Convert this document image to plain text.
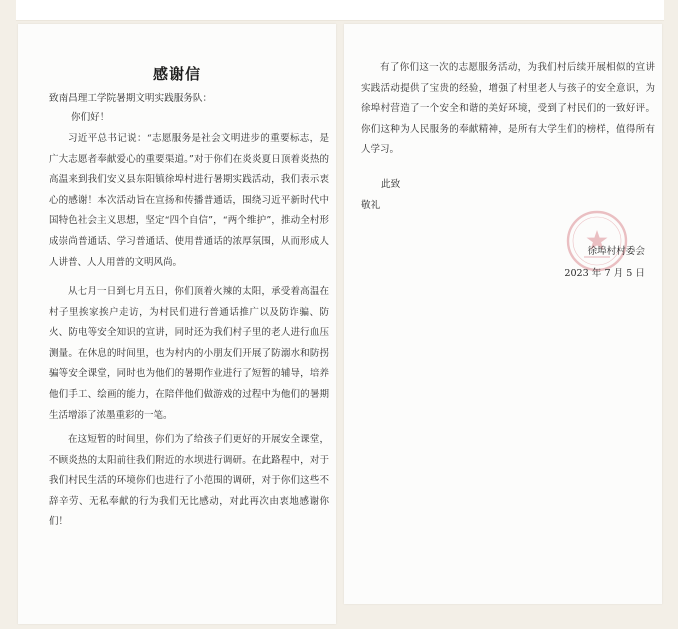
感谢信
致南昌理工学院暑期文明实践服务队：
你们好！

习近平总书记说：“志愿服务是社会文明进步的重要标志，是广大志愿者奉献爱心的重要渠道。”对于你们在炎炎夏日顶着炎热的高温来到我们安义县东阳镇徐埠村进行暑期实践活动，我们表示衷心的感谢！本次活动旨在宣扬和传播普通话，围绕习近平新时代中国特色社会主义思想，坚定“四个自信”，“两个维护”，推动全村形成崇尚普通话、学习普通话、使用普通话的浓厚氛围，从而形成人人讲普、人人用普的文明风尚。

从七月一日到七月五日，你们顶着火辣的太阳，承受着高温在村子里挨家挨户走访，为村民们进行普通话推广以及防诈骗、防火、防电等安全知识的宣讲，同时还为我们村子里的老人进行血压测量。在休息的时间里，也为村内的小朋友们开展了防溺水和防拐骗等安全课堂，同时也为他们的暑期作业进行了短暂的辅导，培养他们手工、绘画的能力，在陪伴他们做游戏的过程中为他们的暑期生活增添了浓墨重彩的一笔。

在这短暂的时间里，你们为了给孩子们更好的开展安全课堂，不顾炎热的太阳前往我们附近的水坝进行调研。在此路程中，对于我们村民生活的环境你们也进行了小范围的调研，对于你们这些不辞辛劳、无私奉献的行为我们无比感动，对此再次由衷地感谢你们！

有了你们这一次的志愿服务活动，为我们村后续开展相似的宣讲实践活动提供了宝贵的经验，增强了村里老人与孩子的安全意识，为徐埠村营造了一个安全和谐的美好环境，受到了村民们的一致好评。你们这种为人民服务的奉献精神，是所有大学生们的榜样，值得所有人学习。

此致
敬礼
徐埠村村委会
2023 年 7 月 5 日
